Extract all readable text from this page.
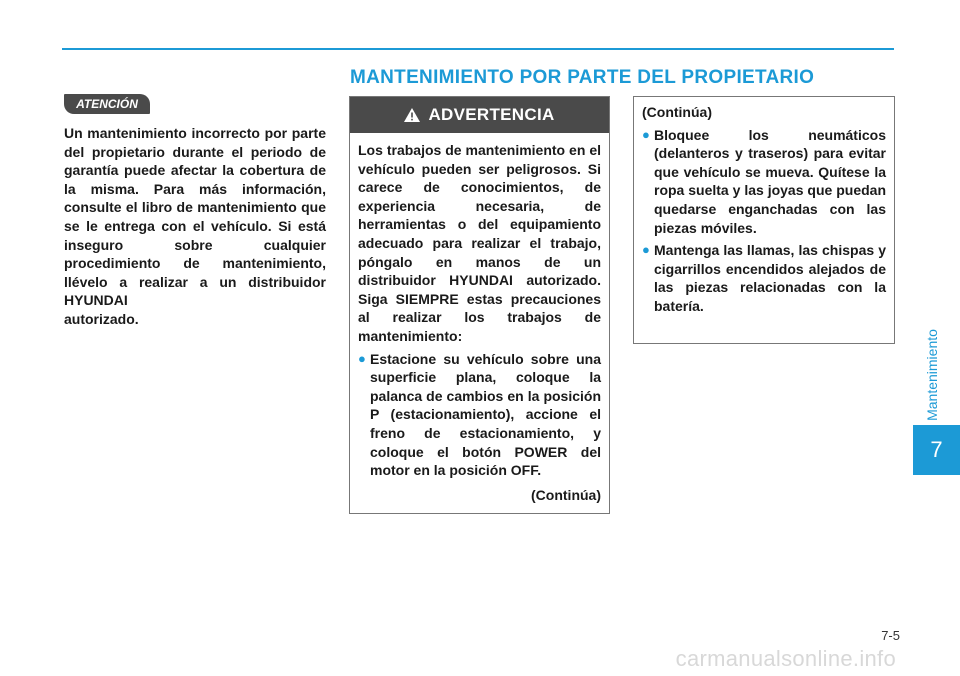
MANTENIMIENTO POR PARTE DEL PROPIETARIO
ATENCIÓN
Un mantenimiento incorrecto por parte del propietario durante el periodo de garantía puede afectar la cobertura de la misma. Para más información, consulte el libro de mantenimiento que se le entrega con el vehículo. Si está inseguro sobre cualquier procedimiento de mantenimiento, llévelo a realizar a un distribuidor HYUNDAI
autorizado.
ADVERTENCIA

Los trabajos de mantenimiento en el vehículo pueden ser peligrosos. Si carece de conocimientos, de experiencia necesaria, de herramientas o del equipamiento adecuado para realizar el trabajo, póngalo en manos de un distribuidor HYUNDAI autorizado. Siga SIEMPRE estas precauciones al realizar los trabajos de mantenimiento:

● Estacione su vehículo sobre una superficie plana, coloque la palanca de cambios en la posición P (estacionamiento), accione el freno de estacionamiento, y coloque el botón POWER del motor en la posición OFF.
(Continúa)

(Continúa)

● Bloquee los neumáticos (delanteros y traseros) para evitar que vehículo se mueva. Quítese la ropa suelta y las joyas que puedan quedarse enganchadas con las piezas móviles.
● Mantenga las llamas, las chispas y cigarrillos encendidos alejados de las piezas relacionadas con la batería.
Mantenimiento
7
7-5
carmanualsonline.info
